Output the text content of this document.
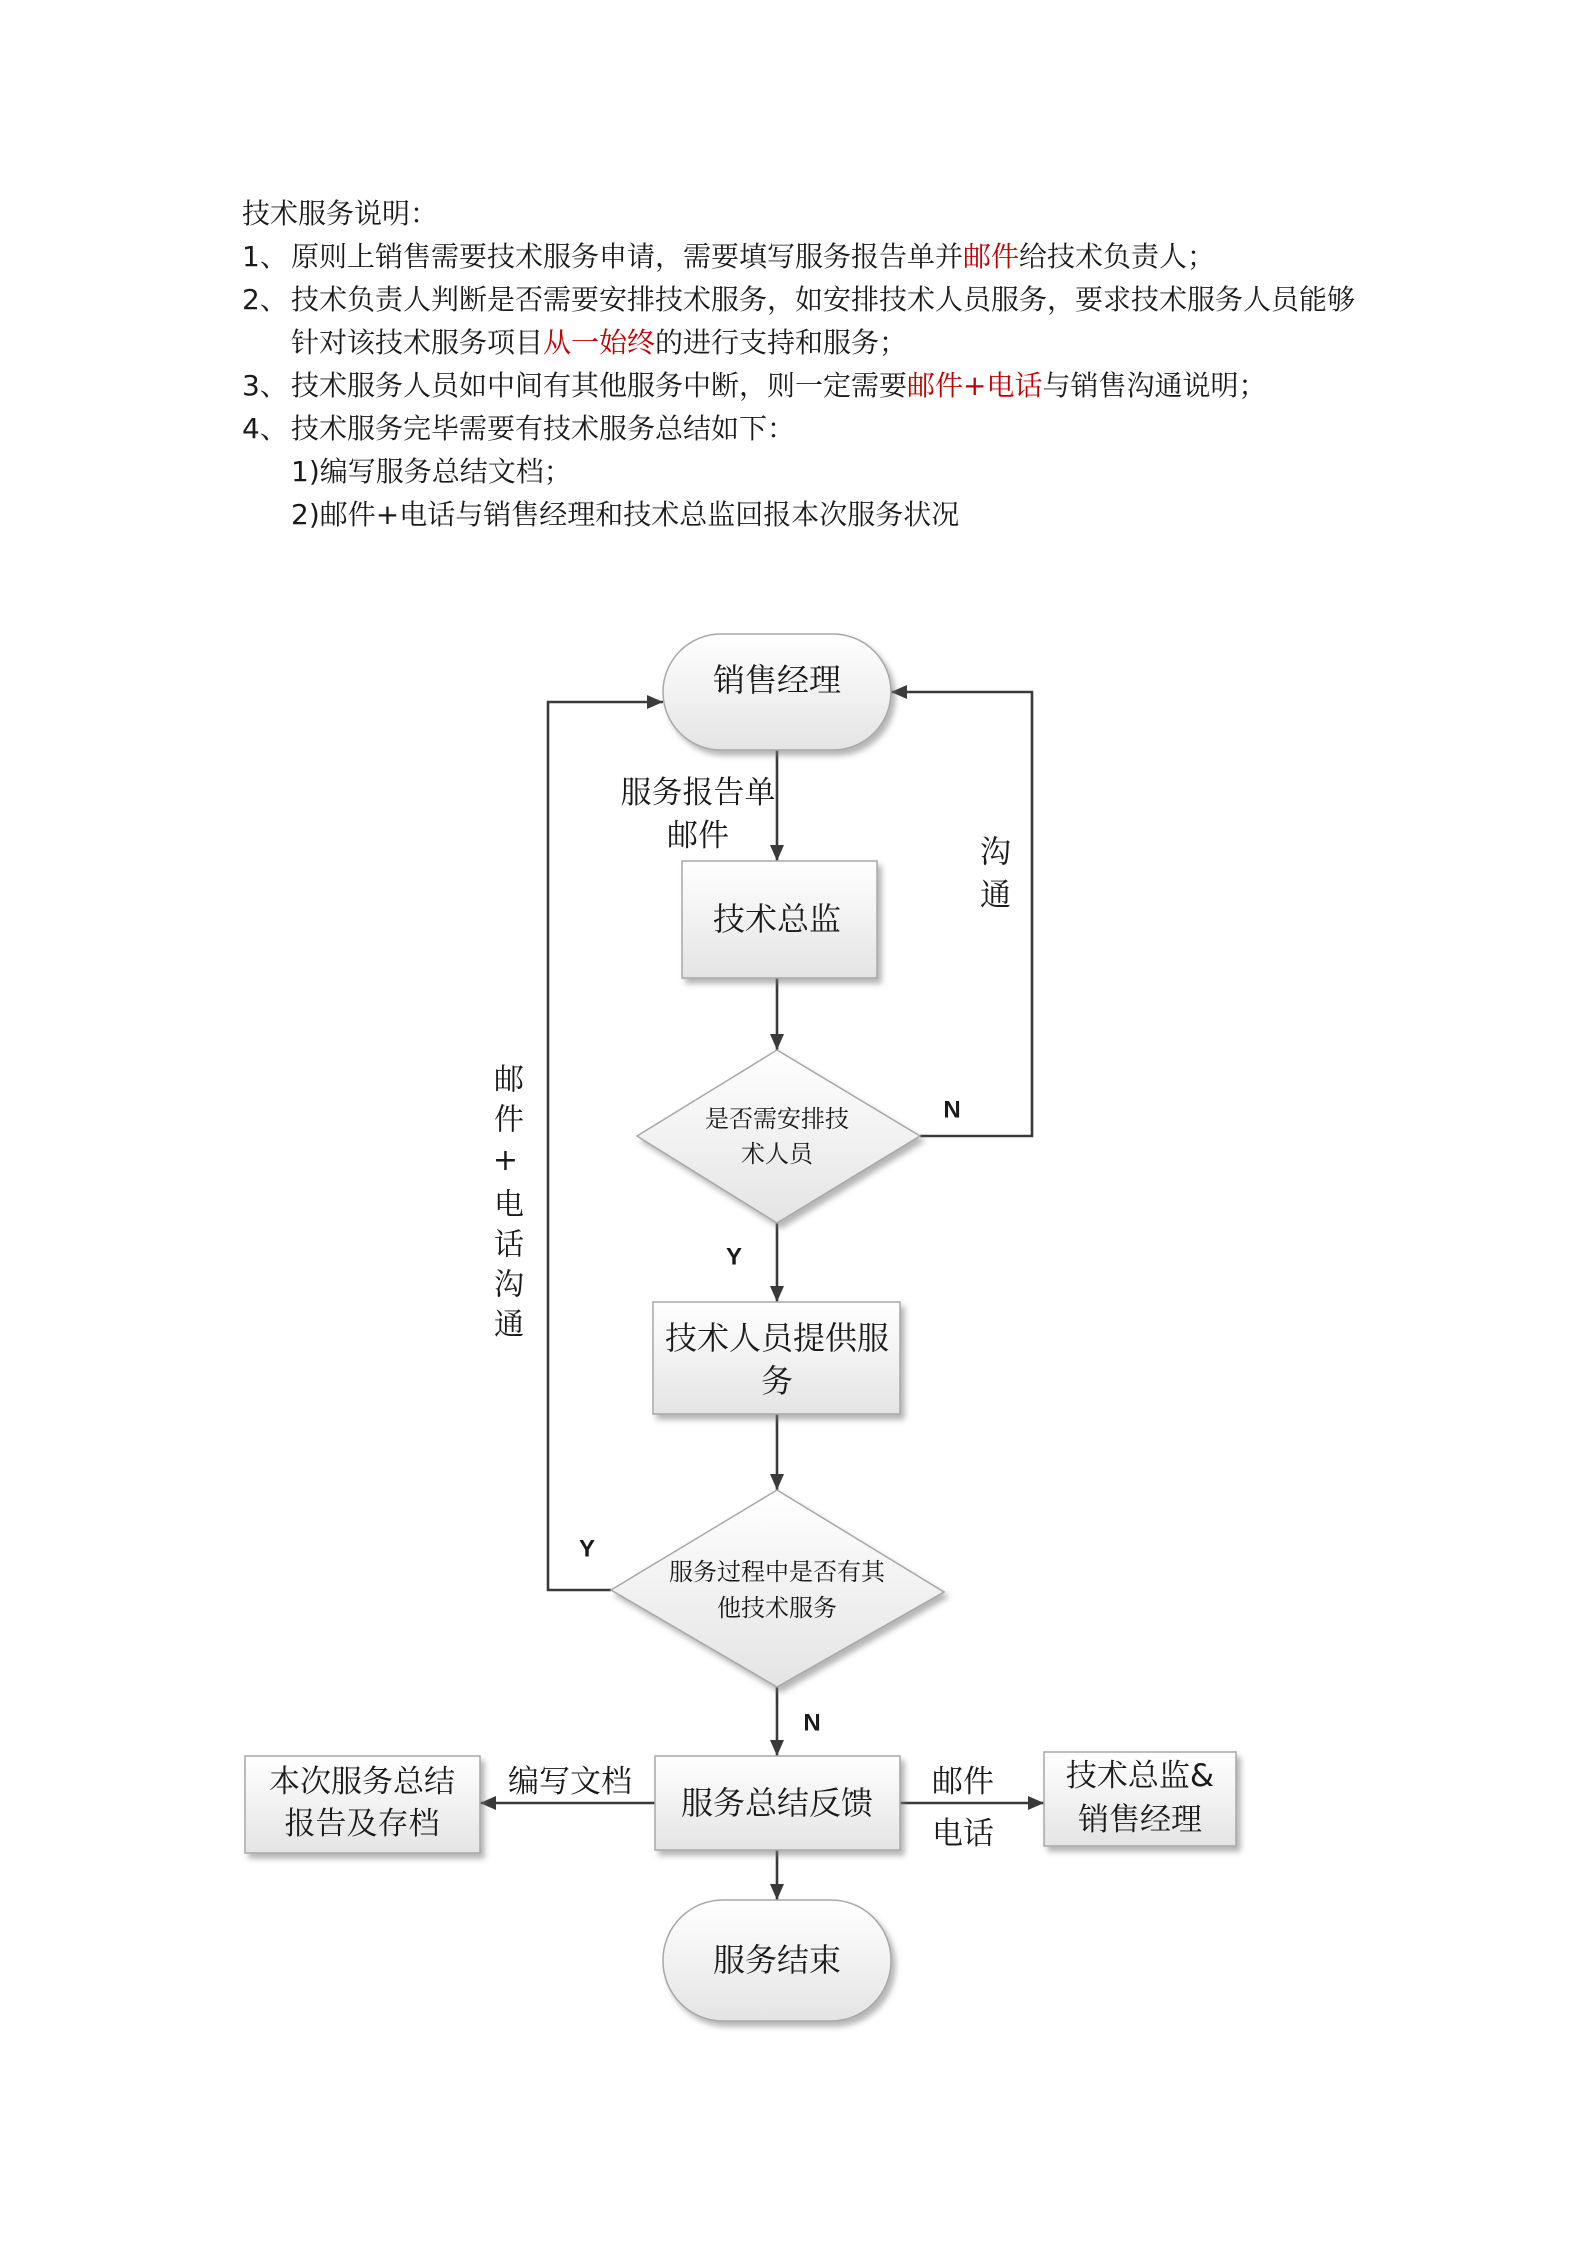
技术服务说明：
1、 原则上销售需要技术服务申请，需要填写服务报告单并邮件给技术负责人；
2、 技术负责人判断是否需要安排技术服务，如安排技术人员服务，要求技术服务人员能够
针对该技术服务项目从一始终的进行支持和服务；
3、 技术服务人员如中间有其他服务中断，则一定需要邮件+电话与销售沟通说明；
4、 技术服务完毕需要有技术服务总结如下：
1)编写服务总结文档；
2)邮件+电话与销售经理和技术总监回报本次服务状况
销售经理
技术总监
是否需安排技
术人员
技术人员提供服
务
服务过程中是否有其
他技术服务
服务总结反馈
本次服务总结
报告及存档
技术总监&
销售经理
服务结束
服务报告单
邮件
编写文档	邮件
电话
N
Y
Y
N
沟通
邮件+电话沟通
